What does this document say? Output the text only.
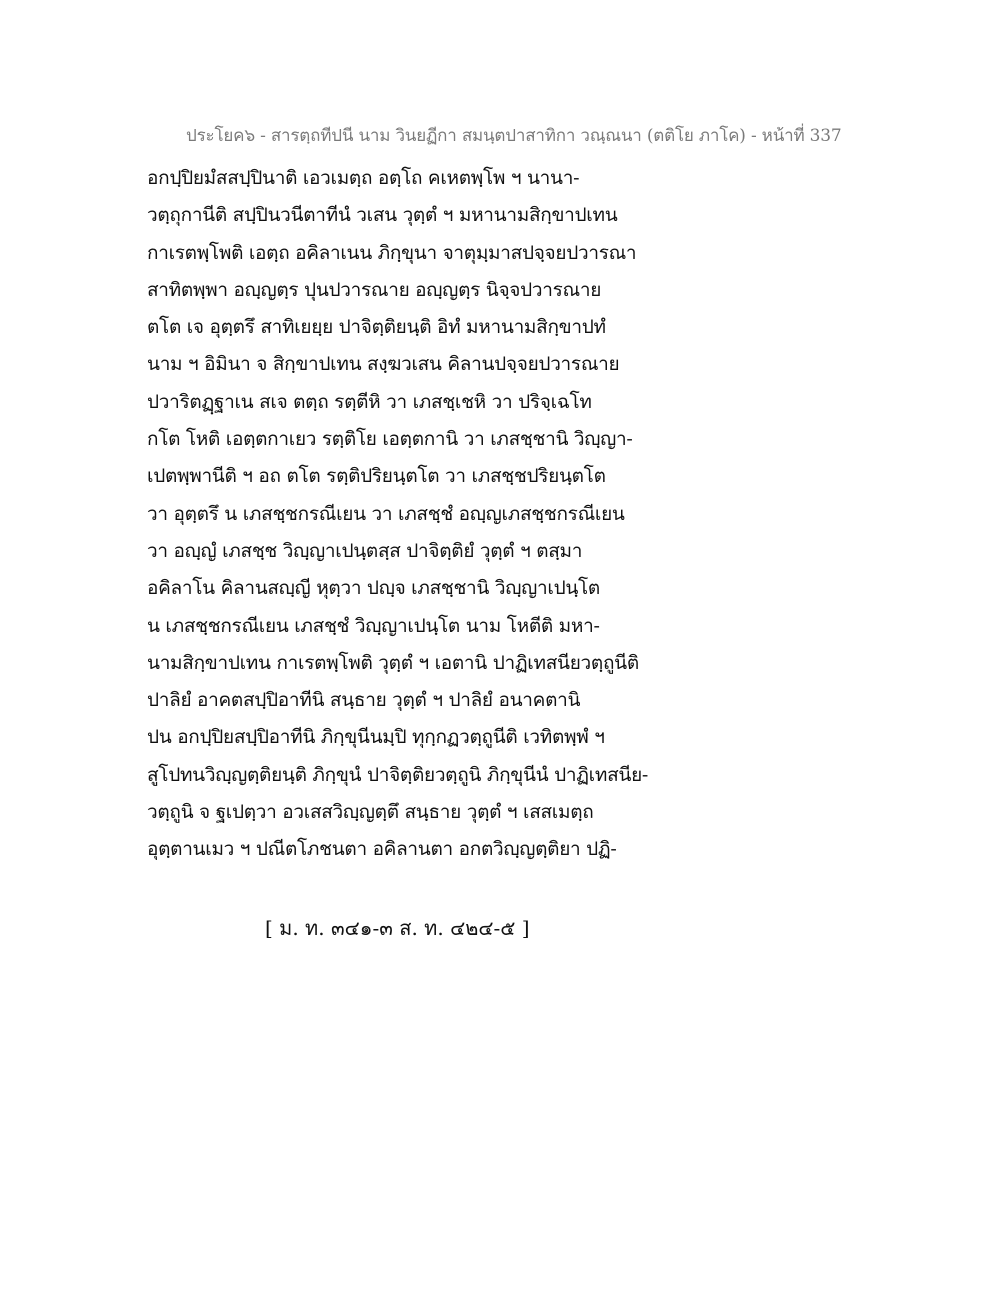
ประโยค๖ - สารตฺถทีปนี นาม วินยฏีกา สมนฺตปาสาทิกา วณฺณนา (ตติโย ภาโค) - หน้าที่ 337
อกปฺปิยมํสสปฺปินาติ เอวเมตฺถ อตฺโถ คเหตพฺโพ ฯ นานา-
วตฺถุกานีติ สปฺปินวนีตาทีนํ วเสน วุตฺตํ ฯ มหานามสิกฺขาปเทน
กาเรตพฺโพติ เอตฺถ อคิลาเนน ภิกฺขุนา จาตุมฺมาสปจฺจยปวารณา
สาทิตพฺพา อญฺญตฺร ปุนปวารณาย อญฺญตฺร นิจฺจปวารณาย
ตโต เจ อุตฺตรึ สาทิเยยฺย ปาจิตฺติยนฺติ อิทํ มหานามสิกฺขาปทํ
นาม ฯ อิมินา จ สิกฺขาปเทน สงฺฆวเสน คิลานปจฺจยปวารณาย
ปวาริตฏฺฐาเน สเจ ตตฺถ รตฺตีหิ วา เภสชฺเชหิ วา ปริจฺเฉโท
กโต โหติ เอตฺตกาเยว รตฺติโย เอตฺตกานิ วา เภสชฺชานิ วิญฺญา-
เปตพฺพานีติ ฯ อถ ตโต รตฺติปริยนฺตโต วา เภสชฺชปริยนฺตโต
วา อุตฺตรึ น เภสชฺชกรณีเยน วา เภสชฺชํ อญฺญเภสชฺชกรณีเยน
วา อญฺญํ เภสชฺช วิญฺญาเปนฺตสฺส ปาจิตฺติยํ วุตฺตํ ฯ ตสฺมา
อคิลาโน คิลานสญฺญี หุตฺวา ปญฺจ เภสชฺชานิ วิญฺญาเปนฺโต
น เภสชฺชกรณีเยน เภสชฺชํ วิญฺญาเปนฺโต นาม โหตีติ มหา-
นามสิกฺขาปเทน กาเรตพฺโพติ วุตฺตํ ฯ เอตานิ ปาฏิเทสนียวตฺถูนีติ
ปาลิยํ อาคตสปฺปิอาทีนิ สนฺธาย วุตฺตํ ฯ ปาลิยํ อนาคตานิ
ปน อกปฺปิยสปฺปิอาทีนิ ภิกฺขุนีนมฺปิ ทุกฺกฏวตฺถูนีติ เวทิตพฺพํ ฯ
สูโปทนวิญฺญตฺติยนฺติ ภิกฺขุนํ ปาจิตฺติยวตฺถูนิ ภิกฺขุนีนํ ปาฏิเทสนีย-
วตฺถูนิ จ ฐเปตฺวา อวเสสวิญฺญตฺตึ สนฺธาย วุตฺตํ ฯ เสสเมตฺถ
อุตฺตานเมว ฯ ปณีตโภชนตา อคิลานตา อกตวิญฺญตฺติยา ปฏิ-
[ ม. ท. ๓๔๑-๓ ส. ท. ๔๒๔-๕ ]
